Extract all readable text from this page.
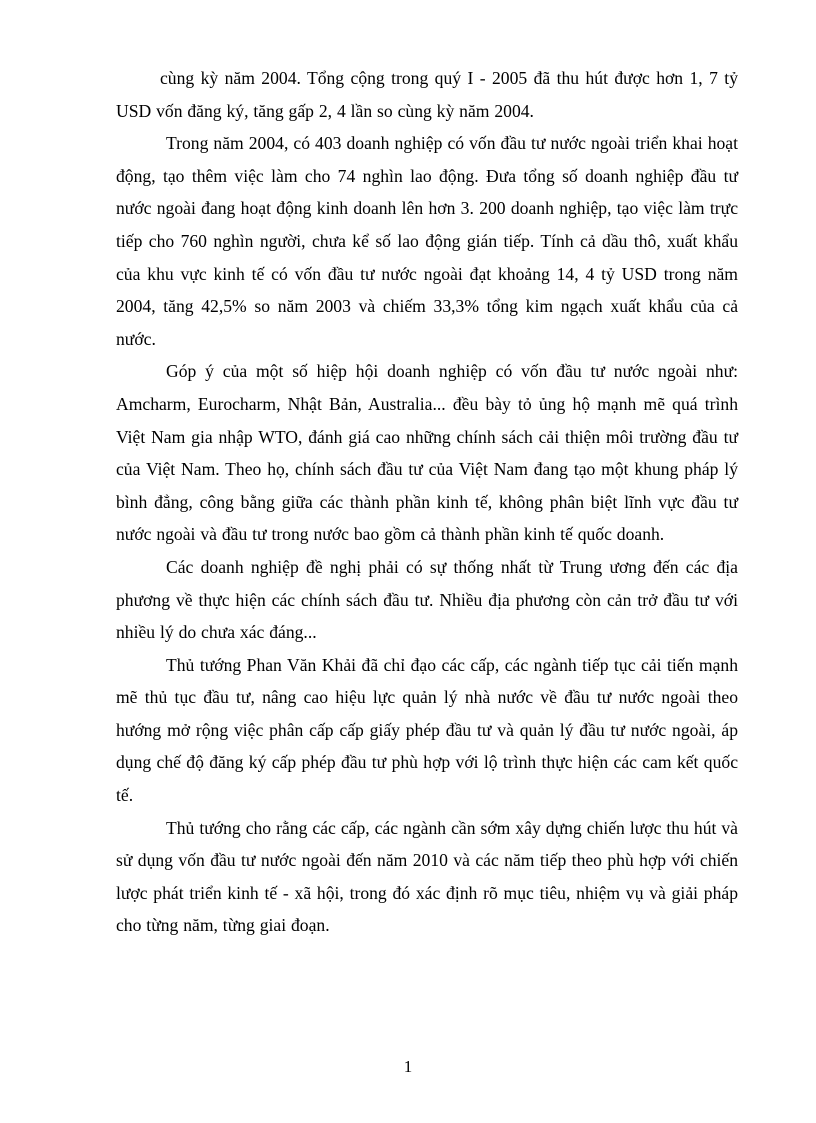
cùng kỳ năm 2004. Tổng cộng trong quý I - 2005 đã thu hút được hơn 1, 7 tỷ USD vốn đăng ký, tăng gấp 2, 4 lần so cùng kỳ năm 2004.

Trong năm 2004, có 403 doanh nghiệp có vốn đầu tư nước ngoài triển khai hoạt động, tạo thêm việc làm cho 74 nghìn lao động. Đưa tổng số doanh nghiệp đầu tư nước ngoài đang hoạt động kinh doanh lên hơn 3. 200 doanh nghiệp, tạo việc làm trực tiếp cho 760 nghìn người, chưa kể số lao động gián tiếp. Tính cả dầu thô, xuất khẩu của khu vực kinh tế có vốn đầu tư nước ngoài đạt khoảng 14, 4 tỷ USD trong năm 2004, tăng 42,5% so năm 2003 và chiếm 33,3% tổng kim ngạch xuất khẩu của cả nước.

Góp ý của một số hiệp hội doanh nghiệp có vốn đầu tư nước ngoài như: Amcharm, Eurocharm, Nhật Bản, Australia... đều bày tỏ ủng hộ mạnh mẽ quá trình Việt Nam gia nhập WTO, đánh giá cao những chính sách cải thiện môi trường đầu tư của Việt Nam. Theo họ, chính sách đầu tư của Việt Nam đang tạo một khung pháp lý bình đẳng, công bằng giữa các thành phần kinh tế, không phân biệt lĩnh vực đầu tư nước ngoài và đầu tư trong nước bao gồm cả thành phần kinh tế quốc doanh.

Các doanh nghiệp đề nghị phải có sự thống nhất từ Trung ương đến các địa phương về thực hiện các chính sách đầu tư. Nhiều địa phương còn cản trở đầu tư với nhiều lý do chưa xác đáng...

Thủ tướng Phan Văn Khải đã chỉ đạo các cấp, các ngành tiếp tục cải tiến mạnh mẽ thủ tục đầu tư, nâng cao hiệu lực quản lý nhà nước về đầu tư nước ngoài theo hướng mở rộng việc phân cấp cấp giấy phép đầu tư và quản lý đầu tư nước ngoài, áp dụng chế độ đăng ký cấp phép đầu tư phù hợp với lộ trình thực hiện các cam kết quốc tế.

Thủ tướng cho rằng các cấp, các ngành cần sớm xây dựng chiến lược thu hút và sử dụng vốn đầu tư nước ngoài đến năm 2010 và các năm tiếp theo phù hợp với chiến lược phát triển kinh tế - xã hội, trong đó xác định rõ mục tiêu, nhiệm vụ và giải pháp cho từng năm, từng giai đoạn.

1
